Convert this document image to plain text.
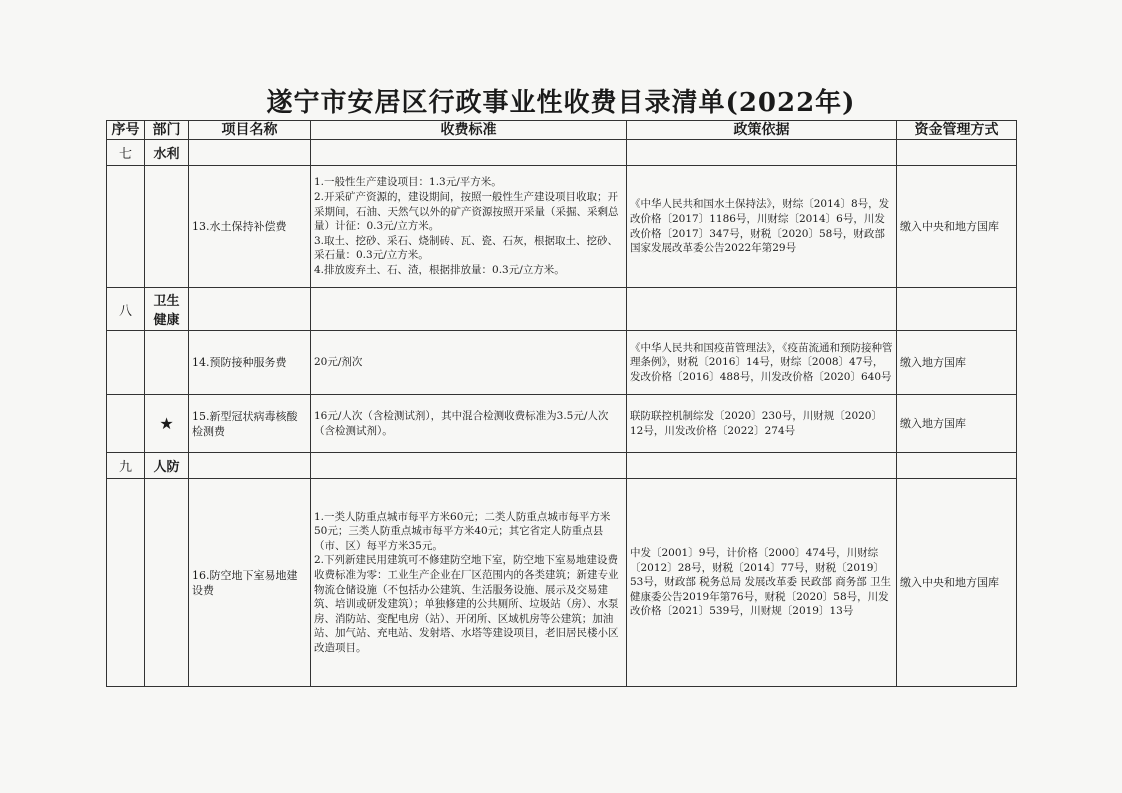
遂宁市安居区行政事业性收费目录清单(2022年)
序号	部门	项目名称	收费标准	政策依据	资金管理方式
七	水利				
		13.水土保持补偿费	1.一般性生产建设项目：1.3元/平方米。
2.开采矿产资源的，建设期间，按照一般性生产建设项目收取；开采期间，石油、天然气以外的矿产资源按照开采量（采掘、采剩总量）计征：0.3元/立方米。
3.取土、挖砂、采石、烧制砖、瓦、瓷、石灰，根据取土、挖砂、采石量：0.3元/立方米。
4.排放废弃土、石、渣，根据排放量：0.3元/立方米。	《中华人民共和国水土保持法》，财综〔2014〕8号，发改价格〔2017〕1186号，川财综〔2014〕6号，川发改价格〔2017〕347号，财税〔2020〕58号，财政部 国家发展改革委公告2022年第29号	缴入中央和地方国库
八	卫生健康				
		14.预防接种服务费	20元/剂次	《中华人民共和国疫苗管理法》，《疫苗流通和预防接种管理条例》，财税〔2016〕14号，财综〔2008〕47号，发改价格〔2016〕488号，川发改价格〔2020〕640号	缴入地方国库
	★	15.新型冠状病毒核酸检测费	16元/人次（含检测试剂），其中混合检测收费标准为3.5元/人次（含检测试剂）。	联防联控机制综发〔2020〕230号，川财规〔2020〕12号，川发改价格〔2022〕274号	缴入地方国库
九	人防				
		16.防空地下室易地建设费	1.一类人防重点城市每平方米60元；二类人防重点城市每平方米50元；三类人防重点城市每平方米40元；其它省定人防重点县（市、区）每平方米35元。
2.下列新建民用建筑可不修建防空地下室，防空地下室易地建设费收费标准为零：工业生产企业在厂区范围内的各类建筑；新建专业物流仓储设施（不包括办公建筑、生活服务设施、展示及交易建筑、培训或研发建筑）；单独修建的公共厕所、垃圾站（房）、水泵房、消防站、变配电房（站）、开闭所、区域机房等公建筑；加油站、加气站、充电站、发射塔、水塔等建设项目，老旧居民楼小区改造项目。	中发〔2001〕9号，计价格〔2000〕474号，川财综〔2012〕28号，财税〔2014〕77号，财税〔2019〕53号，财政部 税务总局 发展改革委 民政部 商务部 卫生健康委公告2019年第76号，财税〔2020〕58号，川发改价格〔2021〕539号，川财规〔2019〕13号	缴入中央和地方国库
